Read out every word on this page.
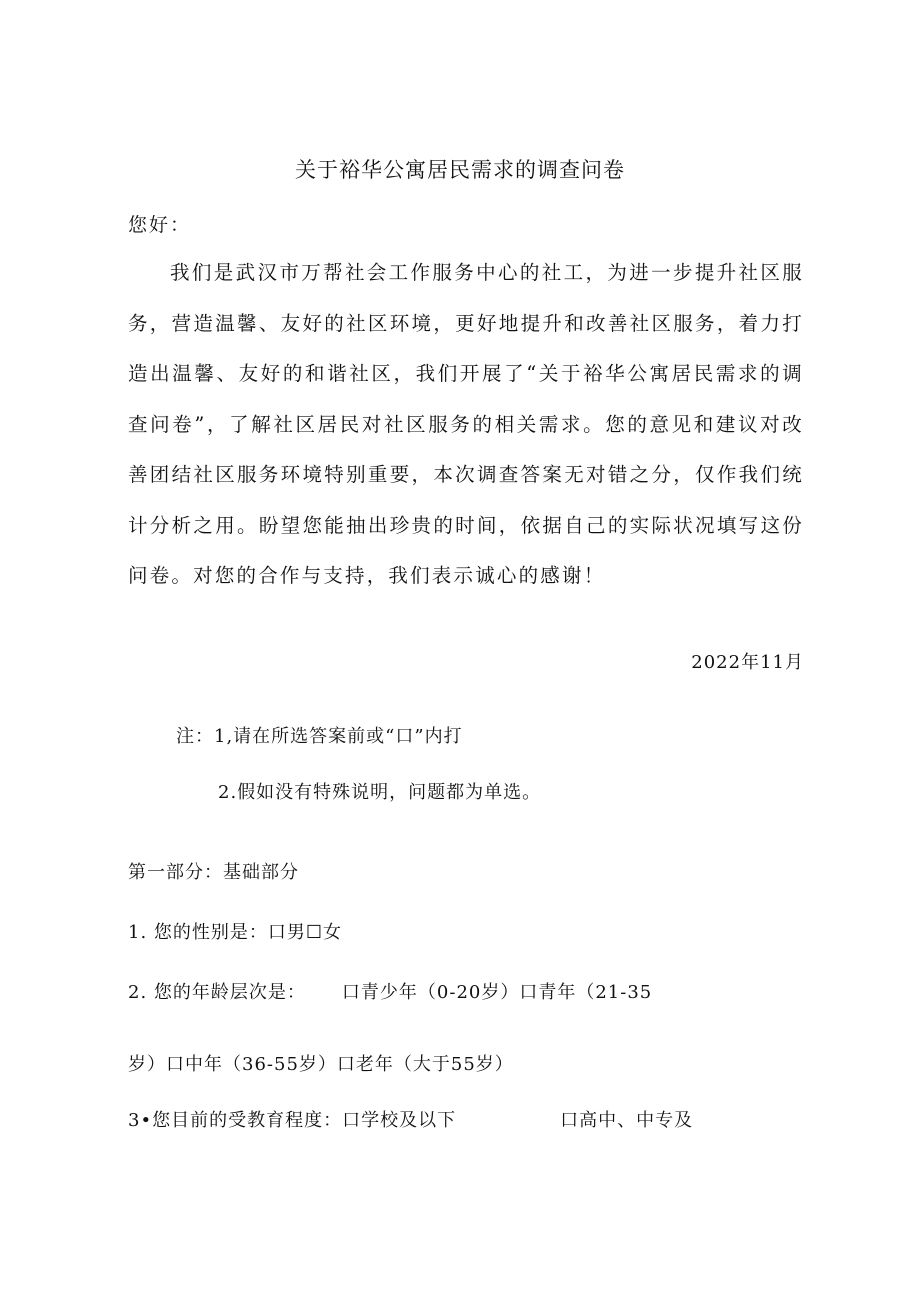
关于裕华公寓居民需求的调查问卷
您好：

我们是武汉市万帮社会工作服务中心的社工，为进一步提升社区服务，营造温馨、友好的社区环境，更好地提升和改善社区服务，着力打造出温馨、友好的和谐社区，我们开展了“关于裕华公寓居民需求的调查问卷”，了解社区居民对社区服务的相关需求。您的意见和建议对改善团结社区服务环境特别重要，本次调查答案无对错之分，仅作我们统计分析之用。盼望您能抽出珍贵的时间，依据自己的实际状况填写这份问卷。对您的合作与支持，我们表示诚心的感谢！

2022年11月
注：1,请在所选答案前或“口”内打
2.假如没有特殊说明，问题都为单选。
第一部分：基础部分
1. 您的性别是：口男☐女
2. 您的年龄层次是： 口青少年（0-20岁）口青年（21-35
岁）口中年（36-55岁）口老年（大于55岁）
3•您目前的受教育程度：口学校及以下	口高中、中专及
